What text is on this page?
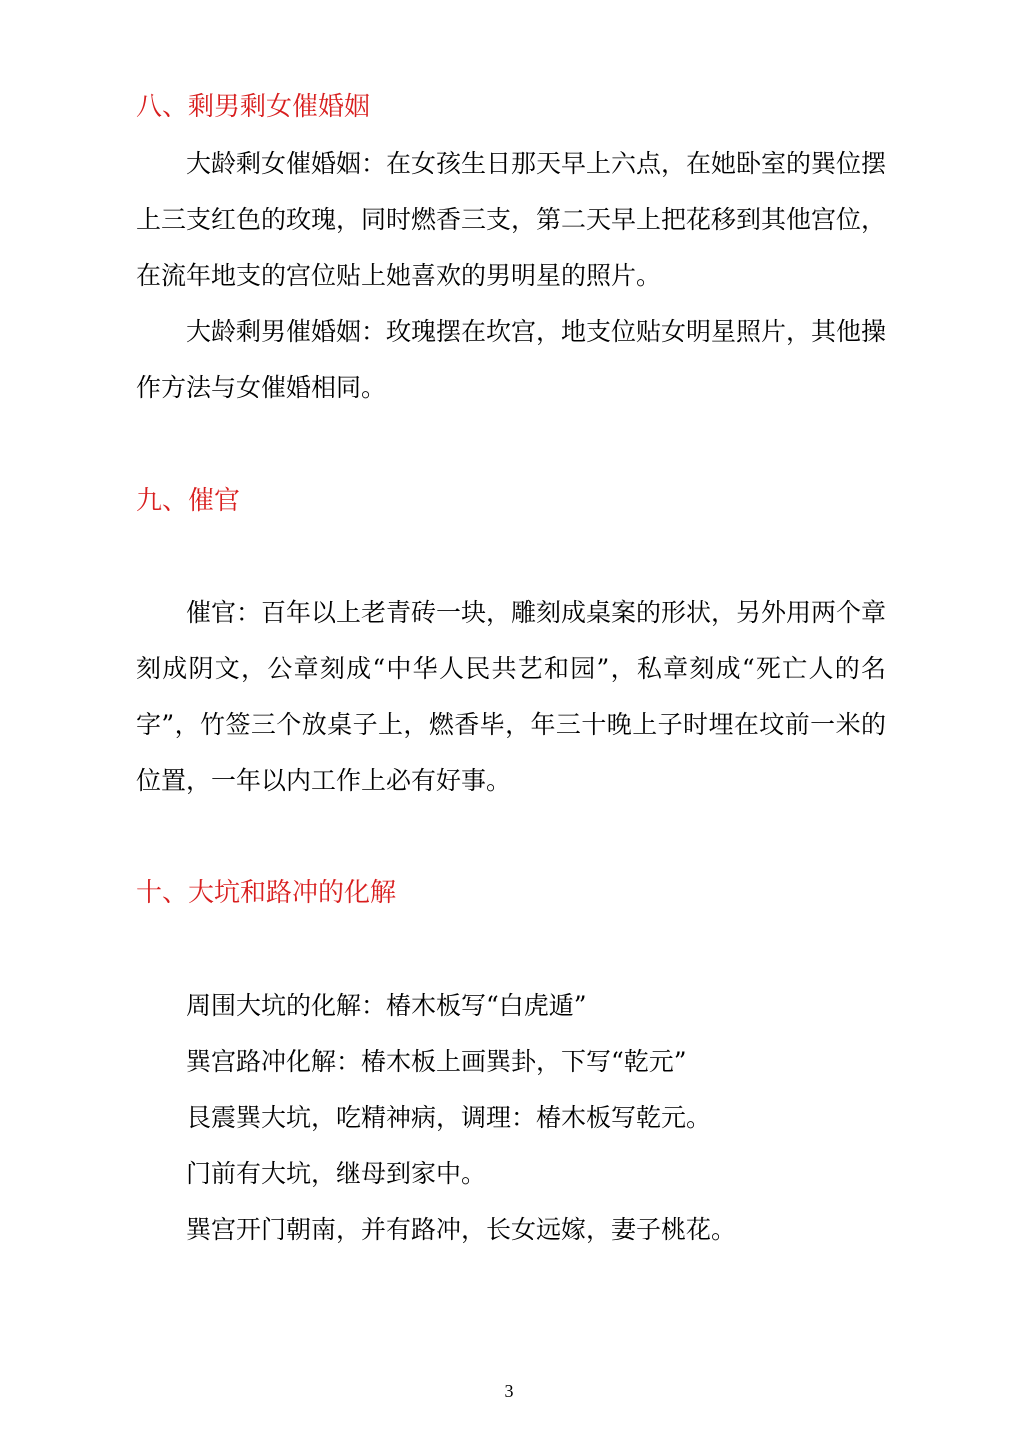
八、剩男剩女催婚姻

大龄剩女催婚姻：在女孩生日那天早上六点，在她卧室的巽位摆上三支红色的玫瑰，同时燃香三支，第二天早上把花移到其他宫位，在流年地支的宫位贴上她喜欢的男明星的照片。

大龄剩男催婚姻：玫瑰摆在坎宫，地支位贴女明星照片，其他操作方法与女催婚相同。

九、催官

催官：百年以上老青砖一块，雕刻成桌案的形状，另外用两个章刻成阴文，公章刻成“中华人民共艺和园”，私章刻成“死亡人的名字”，竹签三个放桌子上，燃香毕，年三十晚上子时埋在坟前一米的位置，一年以内工作上必有好事。

十、大坑和路冲的化解
周围大坑的化解：椿木板写“白虎遁”
巽宫路冲化解：椿木板上画巽卦，下写“乾元”
艮震巽大坑，吃精神病，调理：椿木板写乾元。
门前有大坑，继母到家中。
巽宫开门朝南，并有路冲，长女远嫁，妻子桃花。
3
